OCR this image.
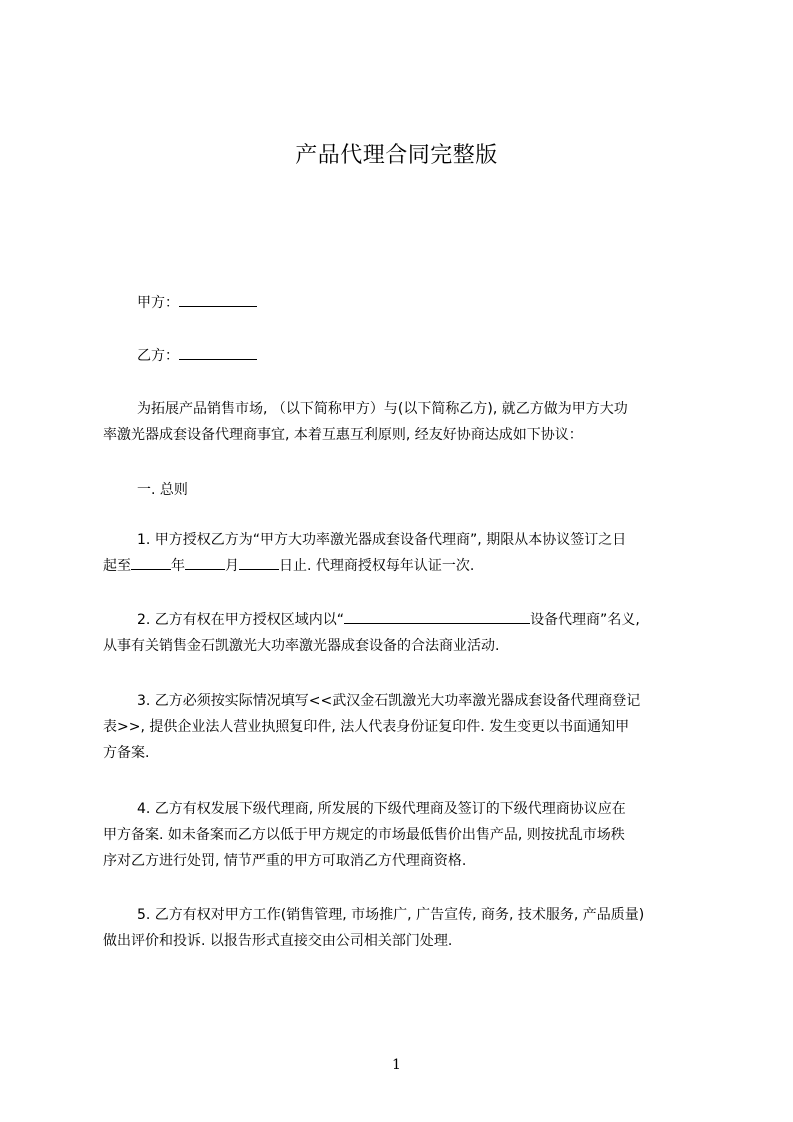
产品代理合同完整版
甲方：
乙方：
为拓展产品销售市场, （以下简称甲方）与(以下简称乙方), 就乙方做为甲方大功
率激光器成套设备代理商事宜, 本着互惠互利原则, 经友好协商达成如下协议：
一. 总则
1. 甲方授权乙方为“甲方大功率激光器成套设备代理商”, 期限从本协议签订之日
起至	年	月	日止. 代理商授权每年认证一次.
2. 乙方有权在甲方授权区域内以“	设备代理商”名义,
从事有关销售金石凯激光大功率激光器成套设备的合法商业活动.
3. 乙方必须按实际情况填写<<武汉金石凯激光大功率激光器成套设备代理商登记
表>>, 提供企业法人营业执照复印件, 法人代表身份证复印件. 发生变更以书面通知甲
方备案.
4. 乙方有权发展下级代理商, 所发展的下级代理商及签订的下级代理商协议应在
甲方备案. 如未备案而乙方以低于甲方规定的市场最低售价出售产品, 则按扰乱市场秩
序对乙方进行处罚, 情节严重的甲方可取消乙方代理商资格.
5. 乙方有权对甲方工作(销售管理, 市场推广, 广告宣传, 商务, 技术服务, 产品质量)
做出评价和投诉. 以报告形式直接交由公司相关部门处理.
1
